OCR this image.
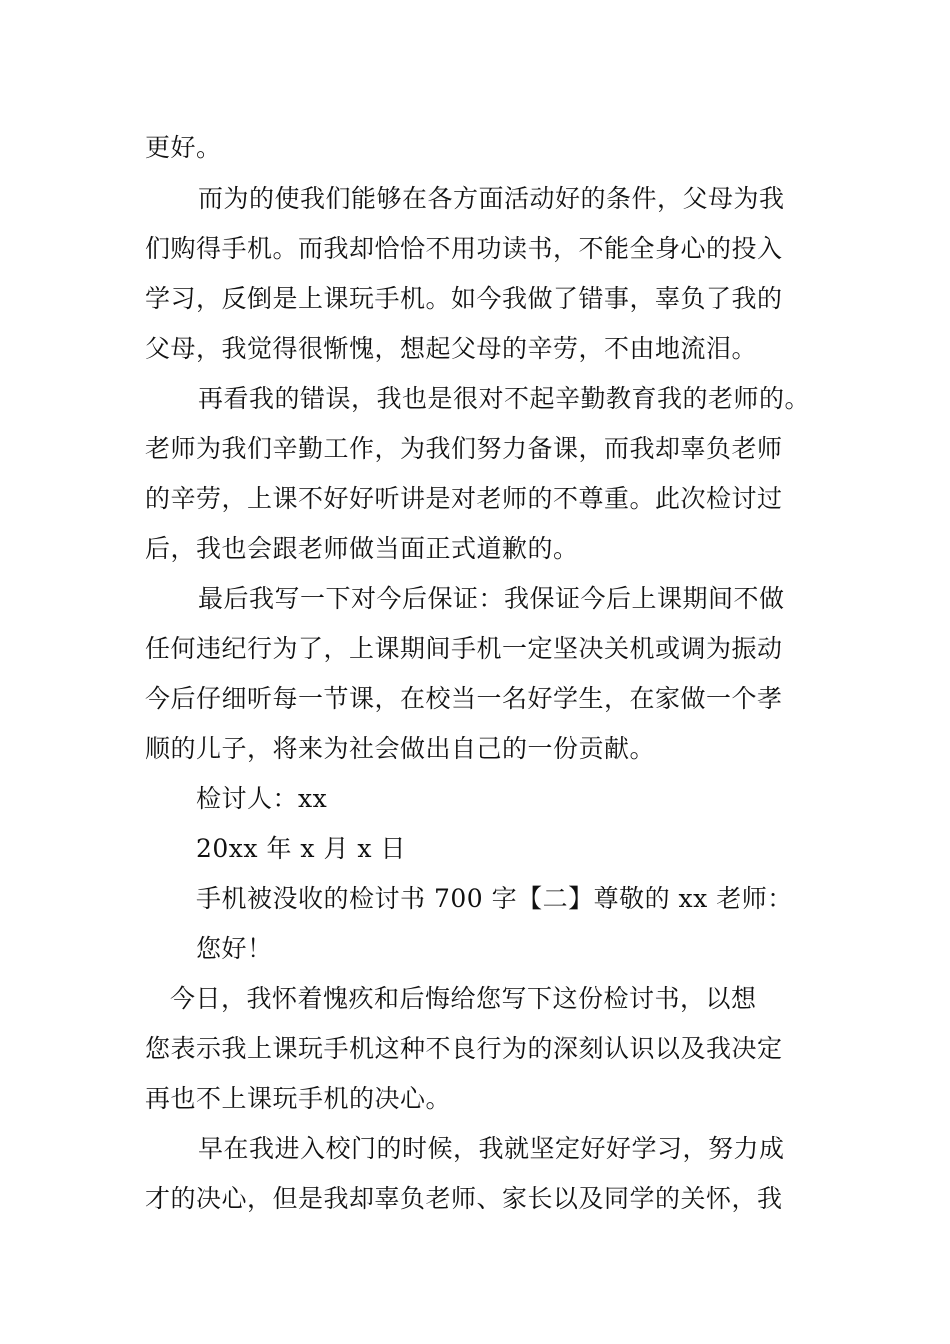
更好。
而为的使我们能够在各方面活动好的条件，父母为我
们购得手机。而我却恰恰不用功读书，不能全身心的投入
学习，反倒是上课玩手机。如今我做了错事，辜负了我的
父母，我觉得很惭愧，想起父母的辛劳，不由地流泪。
再看我的错误，我也是很对不起辛勤教育我的老师的。
老师为我们辛勤工作，为我们努力备课，而我却辜负老师
的辛劳，上课不好好听讲是对老师的不尊重。此次检讨过
后，我也会跟老师做当面正式道歉的。
最后我写一下对今后保证：我保证今后上课期间不做
任何违纪行为了，上课期间手机一定坚决关机或调为振动
今后仔细听每一节课，在校当一名好学生，在家做一个孝
顺的儿子，将来为社会做出自己的一份贡献。
检讨人：xx
20xx 年 x 月 x 日
手机被没收的检讨书 700 字【二】尊敬的 xx 老师：
您好！
今日，我怀着愧疚和后悔给您写下这份检讨书，以想
您表示我上课玩手机这种不良行为的深刻认识以及我决定
再也不上课玩手机的决心。
早在我进入校门的时候，我就坚定好好学习，努力成
才的决心，但是我却辜负老师、家长以及同学的关怀，我
